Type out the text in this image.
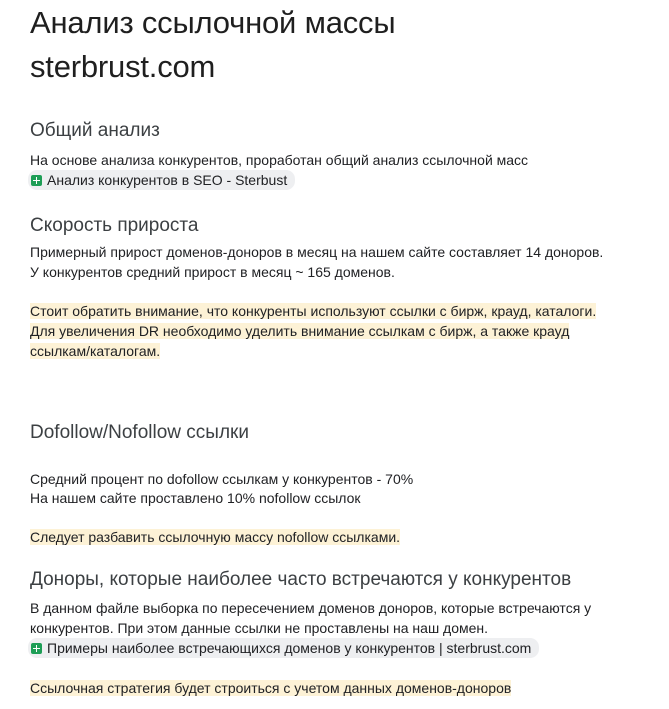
Анализ ссылочной массы
sterbrust.com
Общий анализ
На основе анализа конкурентов, проработан общий анализ ссылочной масс
Анализ конкурентов в SEO - Sterbust
Скорость прироста
Примерный прирост доменов-доноров в месяц на нашем сайте составляет 14 доноров.
У конкурентов средний прирост в месяц ~ 165 доменов.
Стоит обратить внимание, что конкуренты используют ссылки с бирж, крауд, каталоги.
Для увеличения DR необходимо уделить внимание ссылкам с бирж, а также крауд
ссылкам/каталогам.
Dofollow/Nofollow ссылки
Средний процент по dofollow ссылкам у конкурентов - 70%
На нашем сайте проставлено 10% nofollow ссылок
Следует разбавить ссылочную массу nofollow ссылками.
Доноры, которые наиболее часто встречаются у конкурентов
В данном файле выборка по пересечением доменов доноров, которые встречаются у
конкурентов. При этом данные ссылки не проставлены на наш домен.
Примеры наиболее встречающихся доменов у конкурентов | sterbrust.com
Ссылочная стратегия будет строиться с учетом данных доменов-доноров
